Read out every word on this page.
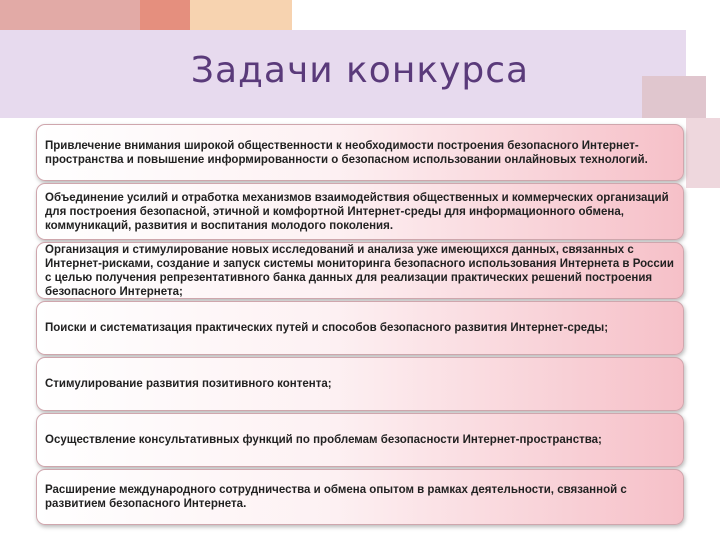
Задачи конкурса
Привлечение внимания широкой общественности к необходимости построения безопасного Интернет-пространства и повышение информированности о безопасном использовании онлайновых технологий.
Объединение усилий и отработка механизмов взаимодействия общественных и коммерческих организаций для построения безопасной, этичной и комфортной Интернет-среды для информационного обмена, коммуникаций, развития и воспитания молодого поколения.
Организация и стимулирование новых исследований и анализа уже имеющихся данных, связанных с Интернет-рисками, создание и запуск системы мониторинга безопасного использования Интернета в России с целью получения репрезентативного банка данных для реализации практических решений построения безопасного Интернета;
Поиски и систематизация практических путей и способов безопасного развития Интернет-среды;
Стимулирование развития позитивного контента;
Осуществление консультативных функций по проблемам безопасности Интернет-пространства;
Расширение международного сотрудничества и обмена опытом в рамках деятельности, связанной с развитием безопасного Интернета.
